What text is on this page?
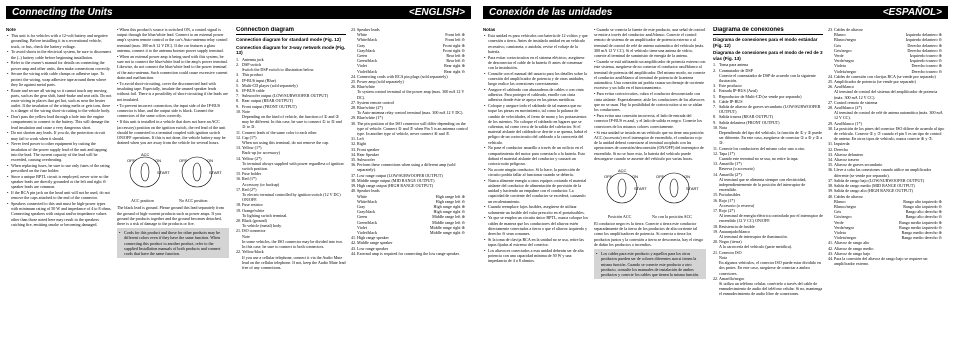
Connecting the Units	<ENGLISH>
Note
• This unit is for vehicles with a 12-volt battery and negative grounding. Before installing it in a recreational vehicle, truck, or bus, check the battery voltage.
• To avoid shorts in the electrical system, be sure to disconnect the (–) battery cable before beginning installation.
• Refer to the owner's manual for details on connecting the power amp and other units, then make connections correctly.
• Secure the wiring with cable clamps or adhesive tape. To protect the wiring, wrap adhesive tape around them where they lie against metal parts.
• Route and secure all wiring so it cannot touch any moving parts, such as the gear shift, hand-brake and seat rails. Do not route wiring in places that get hot, such as near the heater outlet. If the insulation of the wiring melts or gets torn, there is a danger of the wiring short-circuiting to the vehicle body.
• Don't pass the yellow lead through a hole into the engine compartment to connect to the battery. This will damage the lead insulation and cause a very dangerous short.
• Do not shorten any leads. If you do, the protection circuit may fail to work when it should.
• Never feed power to other equipment by cutting the insulation of the power supply lead of the unit and tapping into the lead. The current capacity of the lead will be exceeded, causing overheating.
• When replacing fuses, be sure to use only fuses of the rating prescribed on the fuse holder.
• Since a unique BPTL circuit is employed, never wire so the speaker leads are directly grounded or the left and right ⊖ speaker leads are common.
• If the RCA pin jack on the head unit will not be used, do not remove the caps attached to the end of the connector.
• Speakers connected to this unit must be high-power types with minimum rating of 50 W and impedance of 4 to 8 ohms. Connecting speakers with output and/or impedance values other than those noted here may result in the speakers catching fire, emitting smoke or becoming damaged.

• When this product's source is switched ON, a control signal is output through the blue/white lead. Connect to an external power amp's system remote control or the car's Auto-antenna relay control terminal (max. 300 mA 12 V DC). If the car features a glass antenna, connect it to the antenna booster power supply terminal.

• When an external power amp is being used with this system, be sure not to connect the blue/white lead to the amp's power terminal. Likewise, do not connect the blue/white lead to the power terminal of the auto-antenna. Such connection could cause excessive current drain and malfunction.

• To avoid short-circuiting, cover the disconnected lead with insulating tape. Especially, insulate the unused speaker leads without fail. There is a possibility of short-circuiting if the leads are not insulated.

• To prevent incorrect connection, the input side of the IP-BUS connector is blue, and the output side is black. Connect the connectors of the same colors correctly.

• If this unit is installed in a vehicle that does not have an ACC (accessory) position on the ignition switch, the red lead of the unit should be connected to a terminal coupled with ignition switch ON/OFF operations. If this is not done, the vehicle battery may be drained when you are away from the vehicle for several hours.

ACC
ON
START
OFF	ON
START
OFF
ACC position	No ACC position

The black lead is ground. Please ground this lead separately from the ground of high-current products such as power amps. If you ground the products together and the ground becomes detached, there is a risk of damage to the products or fire.

• Cords for this product and those for other products may be different colors even if they have the same function. When connecting this product to another product, refer to the supplied Installation manuals of both products and connect cords that have the same function.
Connection diagram
Connection diagram for standard mode (Fig. 12)
Connection diagram for 3-way network mode (Fig. 13)
1. Antenna jack
2. DSP switch
Switch the DSP switch to illustration below.
3. This product
4. IP-BUS input (Blue)
5. Multi-CD player (sold separately)
6. IP-BUS cable
7. Subwoofer output (LOW/SUBWOOFER OUTPUT)
8. Rear output (REAR OUTPUT)
9. Front output (FRONT OUTPUT)
10. Note
Depending on the kind of vehicle, the function of ① and ② may be different. In this case, be sure to connect ① to ⑤ and ② to ③.
11. Connect leads of the same color to each other.
12. Cap (1*)
When not using this terminal, do not remove the cap.
13. Yellow (1*)
Back-up (or accessory)
14. Yellow (2*)
To terminal always supplied with power regardless of ignition switch position.
15. Fuse holder
16. Red (1*)
Accessory (or backup)
17. Red (2*)
To electric terminal controlled by ignition switch (12 V DC) ON/OFF.
18. Fuse resistor
19. Orange/white
To lighting switch terminal.
20. Black (ground)
To vehicle (metal) body.
21. ISO connector
Note
In some vehicles, the ISO connector may be divided into two. In this case, be sure to connect to both connectors.
22. Yellow/black
If you use a cellular telephone, connect it via the Audio Mute lead on the cellular telephone. If not, keep the Audio Mute lead free of any connections.
23. Speaker leads
White	Front left ⊕
White/black	Front left ⊖
Gray	Front right ⊕
Gray/black	Front right ⊖
Green	Rear left ⊕
Green/black	Rear left ⊖
Violet	Rear right ⊕
Violet/black	Rear right ⊖
24. Connecting cords with RCA pin plugs (sold separately)
25. Power amp (sold separately)
26. Blue/white
To system control terminal of the power amp (max. 300 mA 12 V DC).
27. System remote control
28. Blue/white (2*)
To Auto-antenna relay control terminal (max. 300 mA 12 V DC).
29. Blue/white (1*)
30. The pin position of the ISO connector will differ depending on the type of vehicle. Connect ⑤ and ⑦ when Pin 5 is an antenna control type. In another type of vehicle, never connect ⑥ and ⑦.
31. Left
32. Right
33. Front speaker
34. Rear Speaker
35. Subwoofer
36. Perform these connections when using a different amp (sold separately).
37. Low range output (LOW/SUBWOOFER OUTPUT)
38. Middle range output (MID RANGE OUTPUT)
39. High range output (HIGH RANGE OUTPUT)
40. Speaker leads
White	High range left ⊕
White/black	High range left ⊖
Gray	High range right ⊕
Gray/black	High range right ⊖
Green	Middle range left ⊕
Green/black	Middle range left ⊖
Violet	Middle range right ⊕
Violet/black	Middle range right ⊖
41. High range speaker
42. Middle range speaker
43. Low range speaker
44. External amp is required for connecting the low range speaker.
Conexión de las unidades	<ESPAÑOL>
Notas
• Esta unidad es para vehículos con batería de 12 voltios y que conexión a tierra. Antes de instalarla unidad en un vehículo recreativo, camioneta, o autobús, revise el voltaje de la batería.
• Para evitar cortocircuitos en el sistema eléctrico, asegúrese de desconectar el cable de la batería ⊖ antes de comenzar con la instalación.
• Consulte con el manual del usuario para los detalles sobre la conexión del amplificador de potencia y de otras unidades, luego realice las conexiones correctamente.
• Asegure el cableado con abrazaderas de cables o con cinta adhesiva. Para proteger el cableado, enrolle con cinta adhesiva donde éste se apoya en las piezas metálicas.
• Coloque y asegure todo el cableado de tal manera que no toque las piezas en movimiento, tal como la palanca de cambio de velocidades, el freno de mano y los portaasientos de los asientos. No coloque el cableado en lugares que se calientan, tal como cerca de la salida del calefactor. Si el material aislante del cableado se derrite o se quema, habrá el peligro de un cortocircuito del cableado a la carrocería del vehículo.
• No pase el conductor amarillo a través de un orificio en el compartimiento del motor para conectarlo a la batería. Esto dañará el material aislante del conductor y causará un cortocircuito peligroso.
• No acorte ningún conductor. Si lo hace, la protección de circuito podría fallar al funcionar cuando se debería.
• Nunca alimente energía a otros equipos cortando el material aislante del conductor de alimentación de provisión de la unidad y haciendo un empalme con el conductor. La capacidad de corriente del conductor se excederá, causando un recalentamiento.
• Cuando reemplace fajos fusibles, asegúrese de utilizar solamente un fusible del valor prescrito en el portafusibles.
• Ya que se emplea un circuito único BPTL, nunca coloque los cables de manera que los conductores del altavoz estén directamente conectados a tierra o que el altavoz izquierdo y derecho ⊖ sean comunes.
• Si la toma de clavija RCA en la unidad no se usa, retire las tapas fijadas al extremo del conector.
• Los altavoces conectados a esta unidad deberán ser de alta potencia con una capacidad mínima de 50 W y una impedancia de 4 a 8 ohmios.

• Cuando se conecta la fuente de este producto, una señal de control se emite a través del conductor azul/blanco. Conecte el control remoto de sistema de un amplificador de potencia externo o al terminal de control de relé de antena automática del vehículo (máx. 300 mA 12 V CC). Si el vehículo tiene una antena de vidrio, conecte al terminal de suministro de energía de la antena.

• Cuando se está utilizando un amplificador de potencia externo con este sistema, asegúrese de no conectar el conductor azul/blanco al terminal de potencia del amplificador. Del mismo modo, no conecte el conductor azul/blanco al terminal de potencia de la antena automática. Una conexión así podría causar un drenaje de corriente excesivo y un fallo en el funcionamiento.

• Para evitar cortocircuitos, cubra el conductor desconectado con cinta aislante. Especialmente, aísle los conductores de los altavoces que no se usan. Hay la posibilidad de cortocircuitos si no se aíslan los conductores.

• Para evitar una conexión incorrecta, el lado de entrada del conector IP-BUS es azul, y el lado de salida es negro. Conecte los conectores de los mismos colores correctamente.

• Si esta unidad se instala en un vehículo que no tiene una posición ACC (accesorio) en el interruptor de encendido, el conductor rojo de la unidad deberá conectarse al terminal acoplado con las operaciones de conexión/desconexión (ON/OFF) del interruptor de encendido. Si no se hace esto, la batería del vehículo puede descargarse cuando se ausente del vehículo por varias horas.

ACC
ON
START
OFF	ON
START
OFF
Posición ACC	No con la posición ACC

El conductor negro es la tierra. Conecte a tierra este conductor separadamente de la tierra de los productos de alta corriente tal como los amplificadores de potencia. Si conecta a tierra los productos juntos y la conexión a tierra se desconecta, hay el riesgo de dañar los productos o incendios.

• Los cables para este producto y aquellos para los otros productos pueden ser de colores diferentes aun si tienen la misma función. Cuando se conecte este producto a otro producto, consulte los manuales de instalación de ambos productos y conecte los cables que tienen la misma función.
Diagrama de conexiones
Diagrama de conexiones para el modo estándar (Fig. 12)
Diagrama de conexiones para el modo de red de 3 vías (Fig. 13)
1. Toma para antena
2. Conmutador de DSP
Conecte el conmutador de DSP de acuerdo con la siguiente ilustración.
3. Este producto
4. Entrada IP-BUS (Azul)
5. Reproductor de Multi-CD (se vende por separado)
6. Cable IP-BUS
7. Salida de altavoz de graves secundario (LOW/SUBWOOFER OUTPUT)
8. Salida trasera (REAR OUTPUT)
9. Salida delantera (FRONT OUTPUT)
10. Nota
Dependiendo del tipo del vehículo, la función de ① y ② puede ser diferente. En este caso, asegúrese de conectar ① a ⑤ y ② a ③.
11. Conecte los conductores del mismo color uno a otro.
12. Tapa (1*)
Cuando este terminal no se usa, no retire la tapa.
13. Amarillo (1*)
Reserva (o accesorio)
14. Amarillo (2*)
Al terminal que se alimenta siempre con electricidad, independientemente de la posición del interruptor de encendido.
15. Portafusibles
16. Rojo (1*)
Accesorio (o reserva)
17. Rojo (2*)
Al terminal de energía eléctrica controlado por el interruptor de encendido (12 V CC) ON/OFF.
18. Resistencia de fusible
19. Anaranjado/blanco
Al terminal de interruptor de iluminación.
20. Negro (tierra)
A la carrocería del vehículo (parte metálica).
21. Conector ISO
Nota
En algunos vehículos, el conector ISO puede estar dividido en dos partes. En este caso, asegúrese de conectar a ambos conectores.
22. Amarillo/negro
Si utiliza un teléfono celular, conéctelo a través del cable de enmudecimiento de audio del teléfono celular. Si no, mantenga el enmudecimiento de audio libre de conexiones.
23. Cables de altavoz
Blanco	Izquierdo delantero ⊕
Blanco/negro	Izquierdo delantero ⊖
Gris	Derecho delantero ⊕
Gris/negro	Derecho delantero ⊖
Verde	Izquierdo trasero ⊕
Verde/negro	Izquierdo trasero ⊖
Violeta	Derecho trasero ⊕
Violeta/negro	Derecho trasero ⊖
24. Cables de conexión con clavijas RCA (se vende por separado)
25. Amplificador de potencia (se vende por separado)
26. Azul/blanco
Al terminal de control del sistema del amplificador de potencia (máx. 300 mA 12 V CC).
27. Control remoto de sistema
28. Azul/blanco (2*)
Al terminal de control de relé de antena automática (máx. 300 mA 12 V CC).
29. Azul/blanco (1*)
30. La posición de los pines del conector ISO difiere de acuerdo al tipo de vehículo. Conecte ⑤ y ⑦ cuando el pin 5 es un tipo de control de antena. En otros tipos de vehículo, nunca conecte ⑥ y ⑦.
31. Izquierda
32. Derecha
33. Altavoz delantero
34. Altavoz trasero
35. Altavoz de graves secundario
36. Lleve a cabo las conexiones cuando utilice un amplificador diferente (se vende por separado).
37. Salida de rango bajo (LOW/SUBWOOFER OUTPUT)
38. Salida de rango medio (MID RANGE OUTPUT)
39. Salida de rango alto (HIGH RANGE OUTPUT)
40. Cables de altavoz
Blanco	Rango alto izquierdo ⊕
Blanco/negro	Rango alto izquierdo ⊖
Gris	Rango alto derecho ⊕
Gris/negro	Rango alto derecho ⊖
Verde	Rango medio izquierdo ⊕
Verde/negro	Rango medio izquierdo ⊖
Violeta	Rango medio derecho ⊕
Violeta/negro	Rango medio derecho ⊖
41. Altavoz de rango alto
42. Altavoz de rango medio
43. Altavoz de rango bajo
44. Para la conexión del altavoz de rango bajo se requiere un amplificador externo.
